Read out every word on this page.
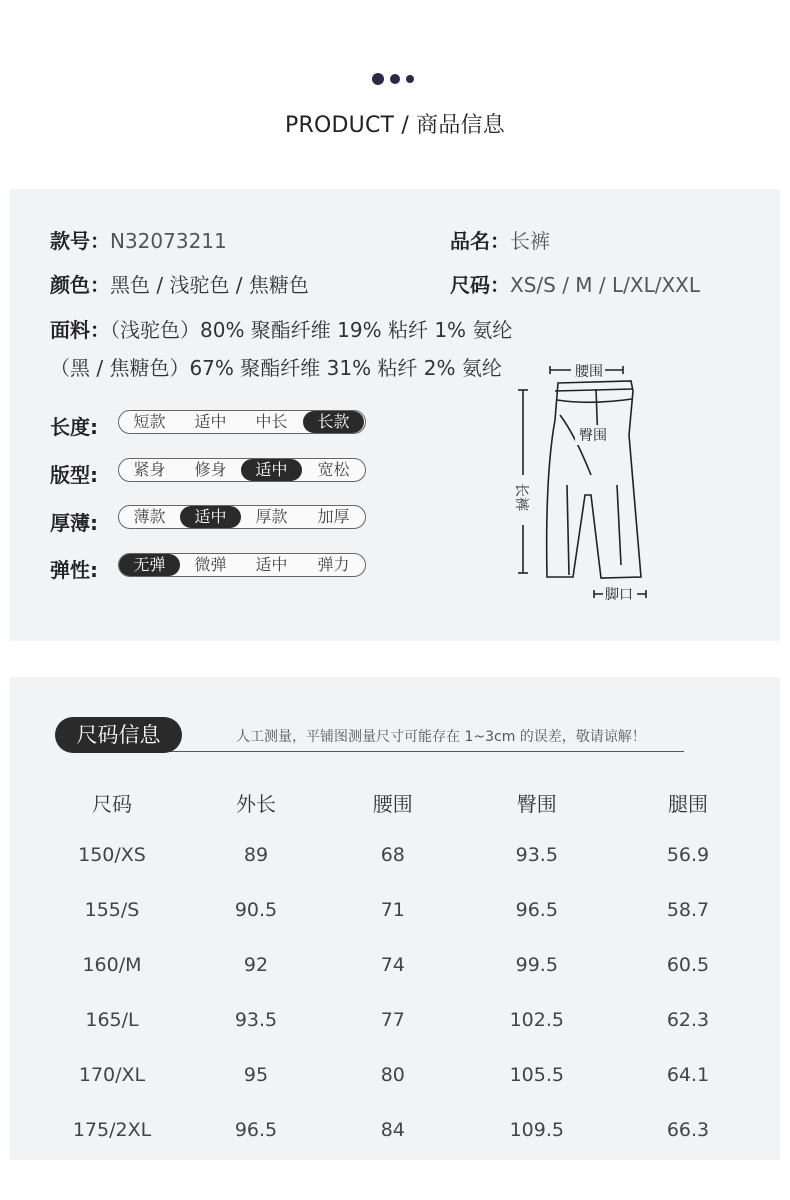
PRODUCT / 商品信息
款号：N32073211	品名：长裤
颜色：黑色 / 浅驼色 / 焦糖色	尺码：XS/S / M / L/XL/XXL
面料：（浅驼色）80% 聚酯纤维 19% 粘纤 1% 氨纶
（黑 / 焦糖色）67% 聚酯纤维 31% 粘纤 2% 氨纶
长度:	短款	适中	中长	长款
版型:	紧身	修身	适中	宽松
厚薄:	薄款	适中	厚款	加厚
弹性:	无弹	微弹	适中	弹力
腰围
臀围
长裤
脚口
尺码信息	人工测量，平铺图测量尺寸可能存在 1~3cm 的误差，敬请谅解！
尺码	外长	腰围	臀围	腿围
150/XS	89	68	93.5	56.9
155/S	90.5	71	96.5	58.7
160/M	92	74	99.5	60.5
165/L	93.5	77	102.5	62.3
170/XL	95	80	105.5	64.1
175/2XL	96.5	84	109.5	66.3
